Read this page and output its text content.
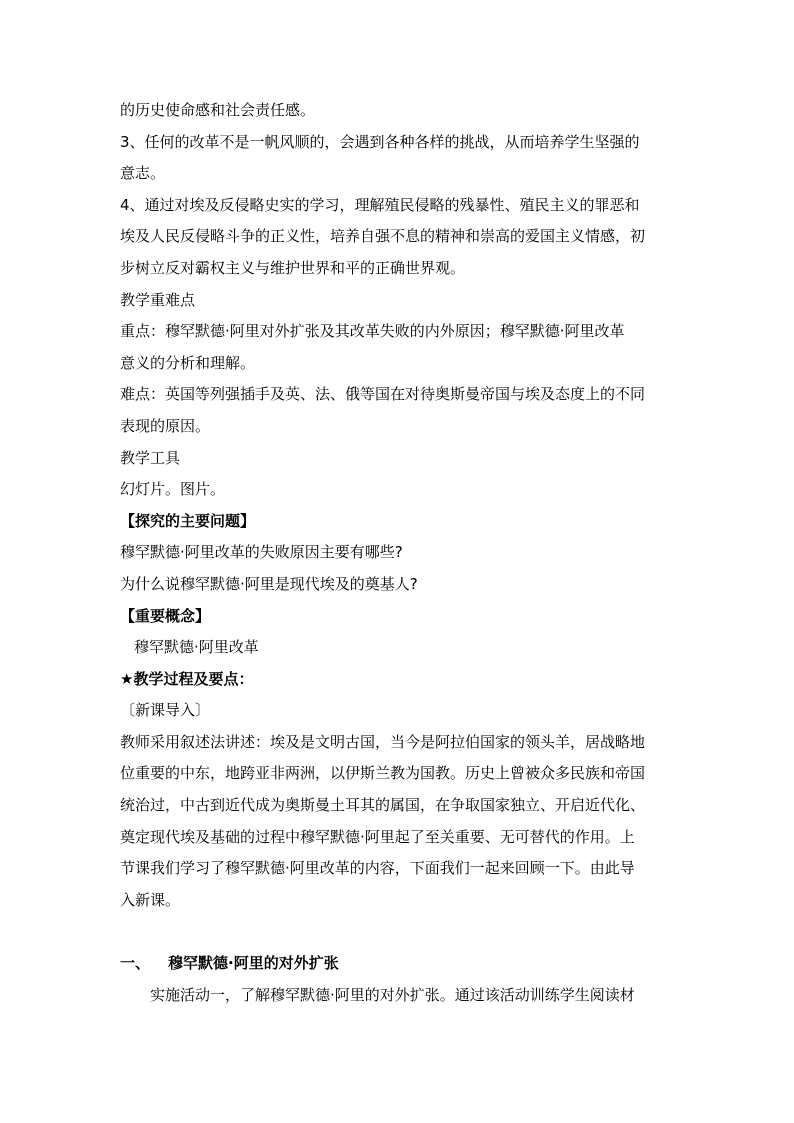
的历史使命感和社会责任感。
3、任何的改革不是一帆风顺的，会遇到各种各样的挑战，从而培养学生坚强的
意志。
4、通过对埃及反侵略史实的学习，理解殖民侵略的残暴性、殖民主义的罪恶和
埃及人民反侵略斗争的正义性，培养自强不息的精神和崇高的爱国主义情感，初
步树立反对霸权主义与维护世界和平的正确世界观。
教学重难点
重点：穆罕默德·阿里对外扩张及其改革失败的内外原因；穆罕默德·阿里改革
意义的分析和理解。
难点：英国等列强插手及英、法、俄等国在对待奥斯曼帝国与埃及态度上的不同
表现的原因。
教学工具
幻灯片。图片。
【探究的主要问题】
穆罕默德·阿里改革的失败原因主要有哪些?
为什么说穆罕默德·阿里是现代埃及的奠基人?
【重要概念】
穆罕默德·阿里改革
★教学过程及要点：
〔新课导入〕
教师采用叙述法讲述：埃及是文明古国，当今是阿拉伯国家的领头羊，居战略地
位重要的中东，地跨亚非两洲，以伊斯兰教为国教。历史上曾被众多民族和帝国
统治过，中古到近代成为奥斯曼土耳其的属国，在争取国家独立、开启近代化、
奠定现代埃及基础的过程中穆罕默德·阿里起了至关重要、无可替代的作用。上
节课我们学习了穆罕默德·阿里改革的内容，下面我们一起来回顾一下。由此导
入新课。
一、 穆罕默德·阿里的对外扩张
实施活动一，了解穆罕默德·阿里的对外扩张。通过该活动训练学生阅读材
